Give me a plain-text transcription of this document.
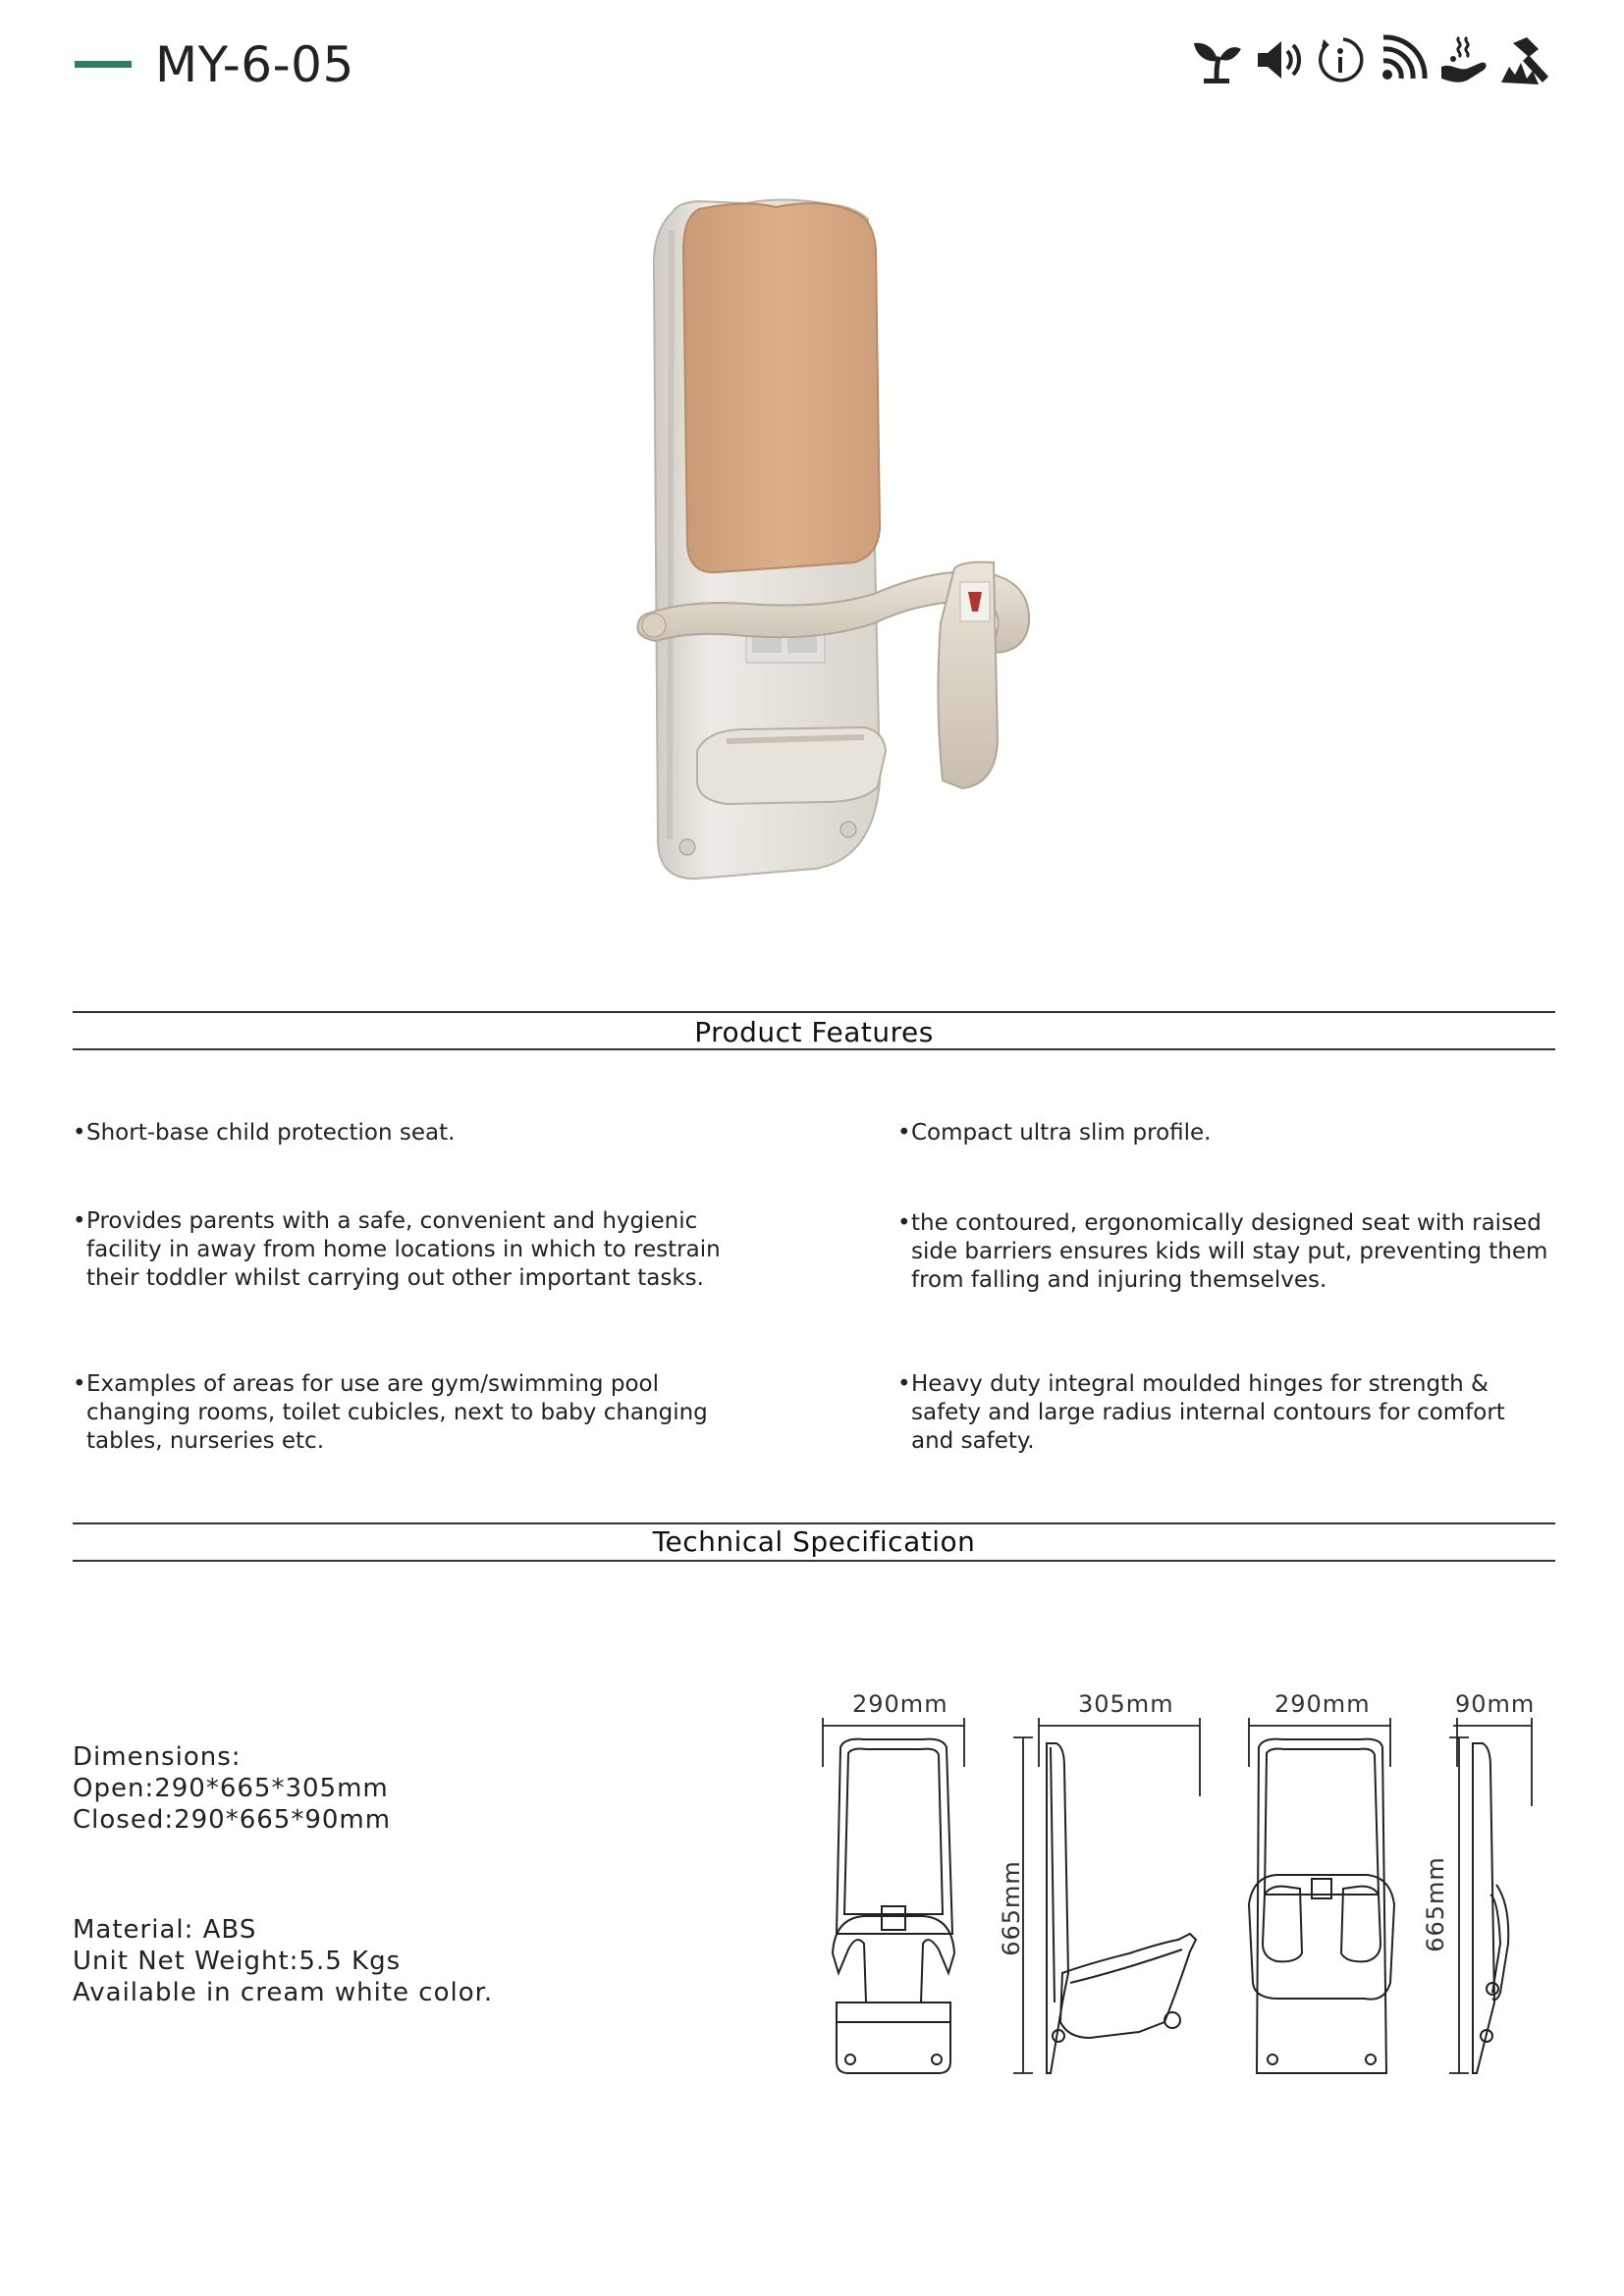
MY-6-05
Product Features
• Short-base child protection seat.
• Provides parents with a safe, convenient and hygienic
facility in away from home locations in which to restrain
their toddler whilst carrying out other important tasks.
• Examples of areas for use are gym/swimming pool
changing rooms, toilet cubicles, next to baby changing
tables, nurseries etc.
• Compact ultra slim profile.
• the contoured, ergonomically designed seat with raised
side barriers ensures kids will stay put, preventing them
from falling and injuring themselves.
• Heavy duty integral moulded hinges for strength &
safety and large radius internal contours for comfort
and safety.
Technical Specification
Dimensions:
Open:290*665*305mm
Closed:290*665*90mm
Material: ABS
Unit Net Weight:5.5 Kgs
Available in cream white color.
290mm	305mm	290mm	90mm
665mm	665mm
